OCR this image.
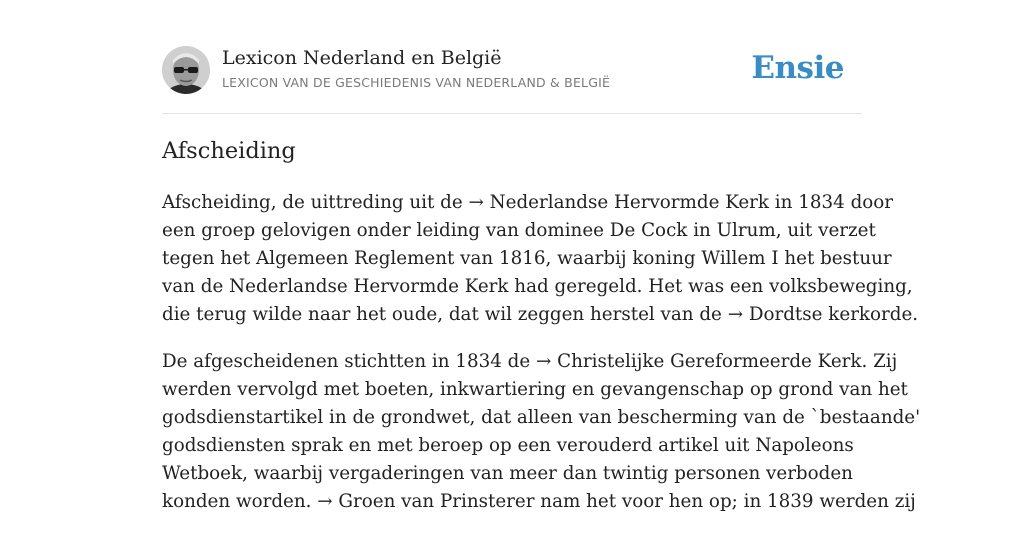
Lexicon Nederland en België
LEXICON VAN DE GESCHIEDENIS VAN NEDERLAND & BELGIË	Ensie
Afscheiding
Afscheiding, de uittreding uit de → Nederlandse Hervormde Kerk in 1834 door
een groep gelovigen onder leiding van dominee De Cock in Ulrum, uit verzet
tegen het Algemeen Reglement van 1816, waarbij koning Willem I het bestuur
van de Nederlandse Hervormde Kerk had geregeld. Het was een volksbeweging,
die terug wilde naar het oude, dat wil zeggen herstel van de → Dordtse kerkorde.
De afgescheidenen stichtten in 1834 de → Christelijke Gereformeerde Kerk. Zij
werden vervolgd met boeten, inkwartiering en gevangenschap op grond van het
godsdienstartikel in de grondwet, dat alleen van bescherming van de `bestaande'
godsdiensten sprak en met beroep op een verouderd artikel uit Napoleons
Wetboek, waarbij vergaderingen van meer dan twintig personen verboden
konden worden. → Groen van Prinsterer nam het voor hen op; in 1839 werden zij
